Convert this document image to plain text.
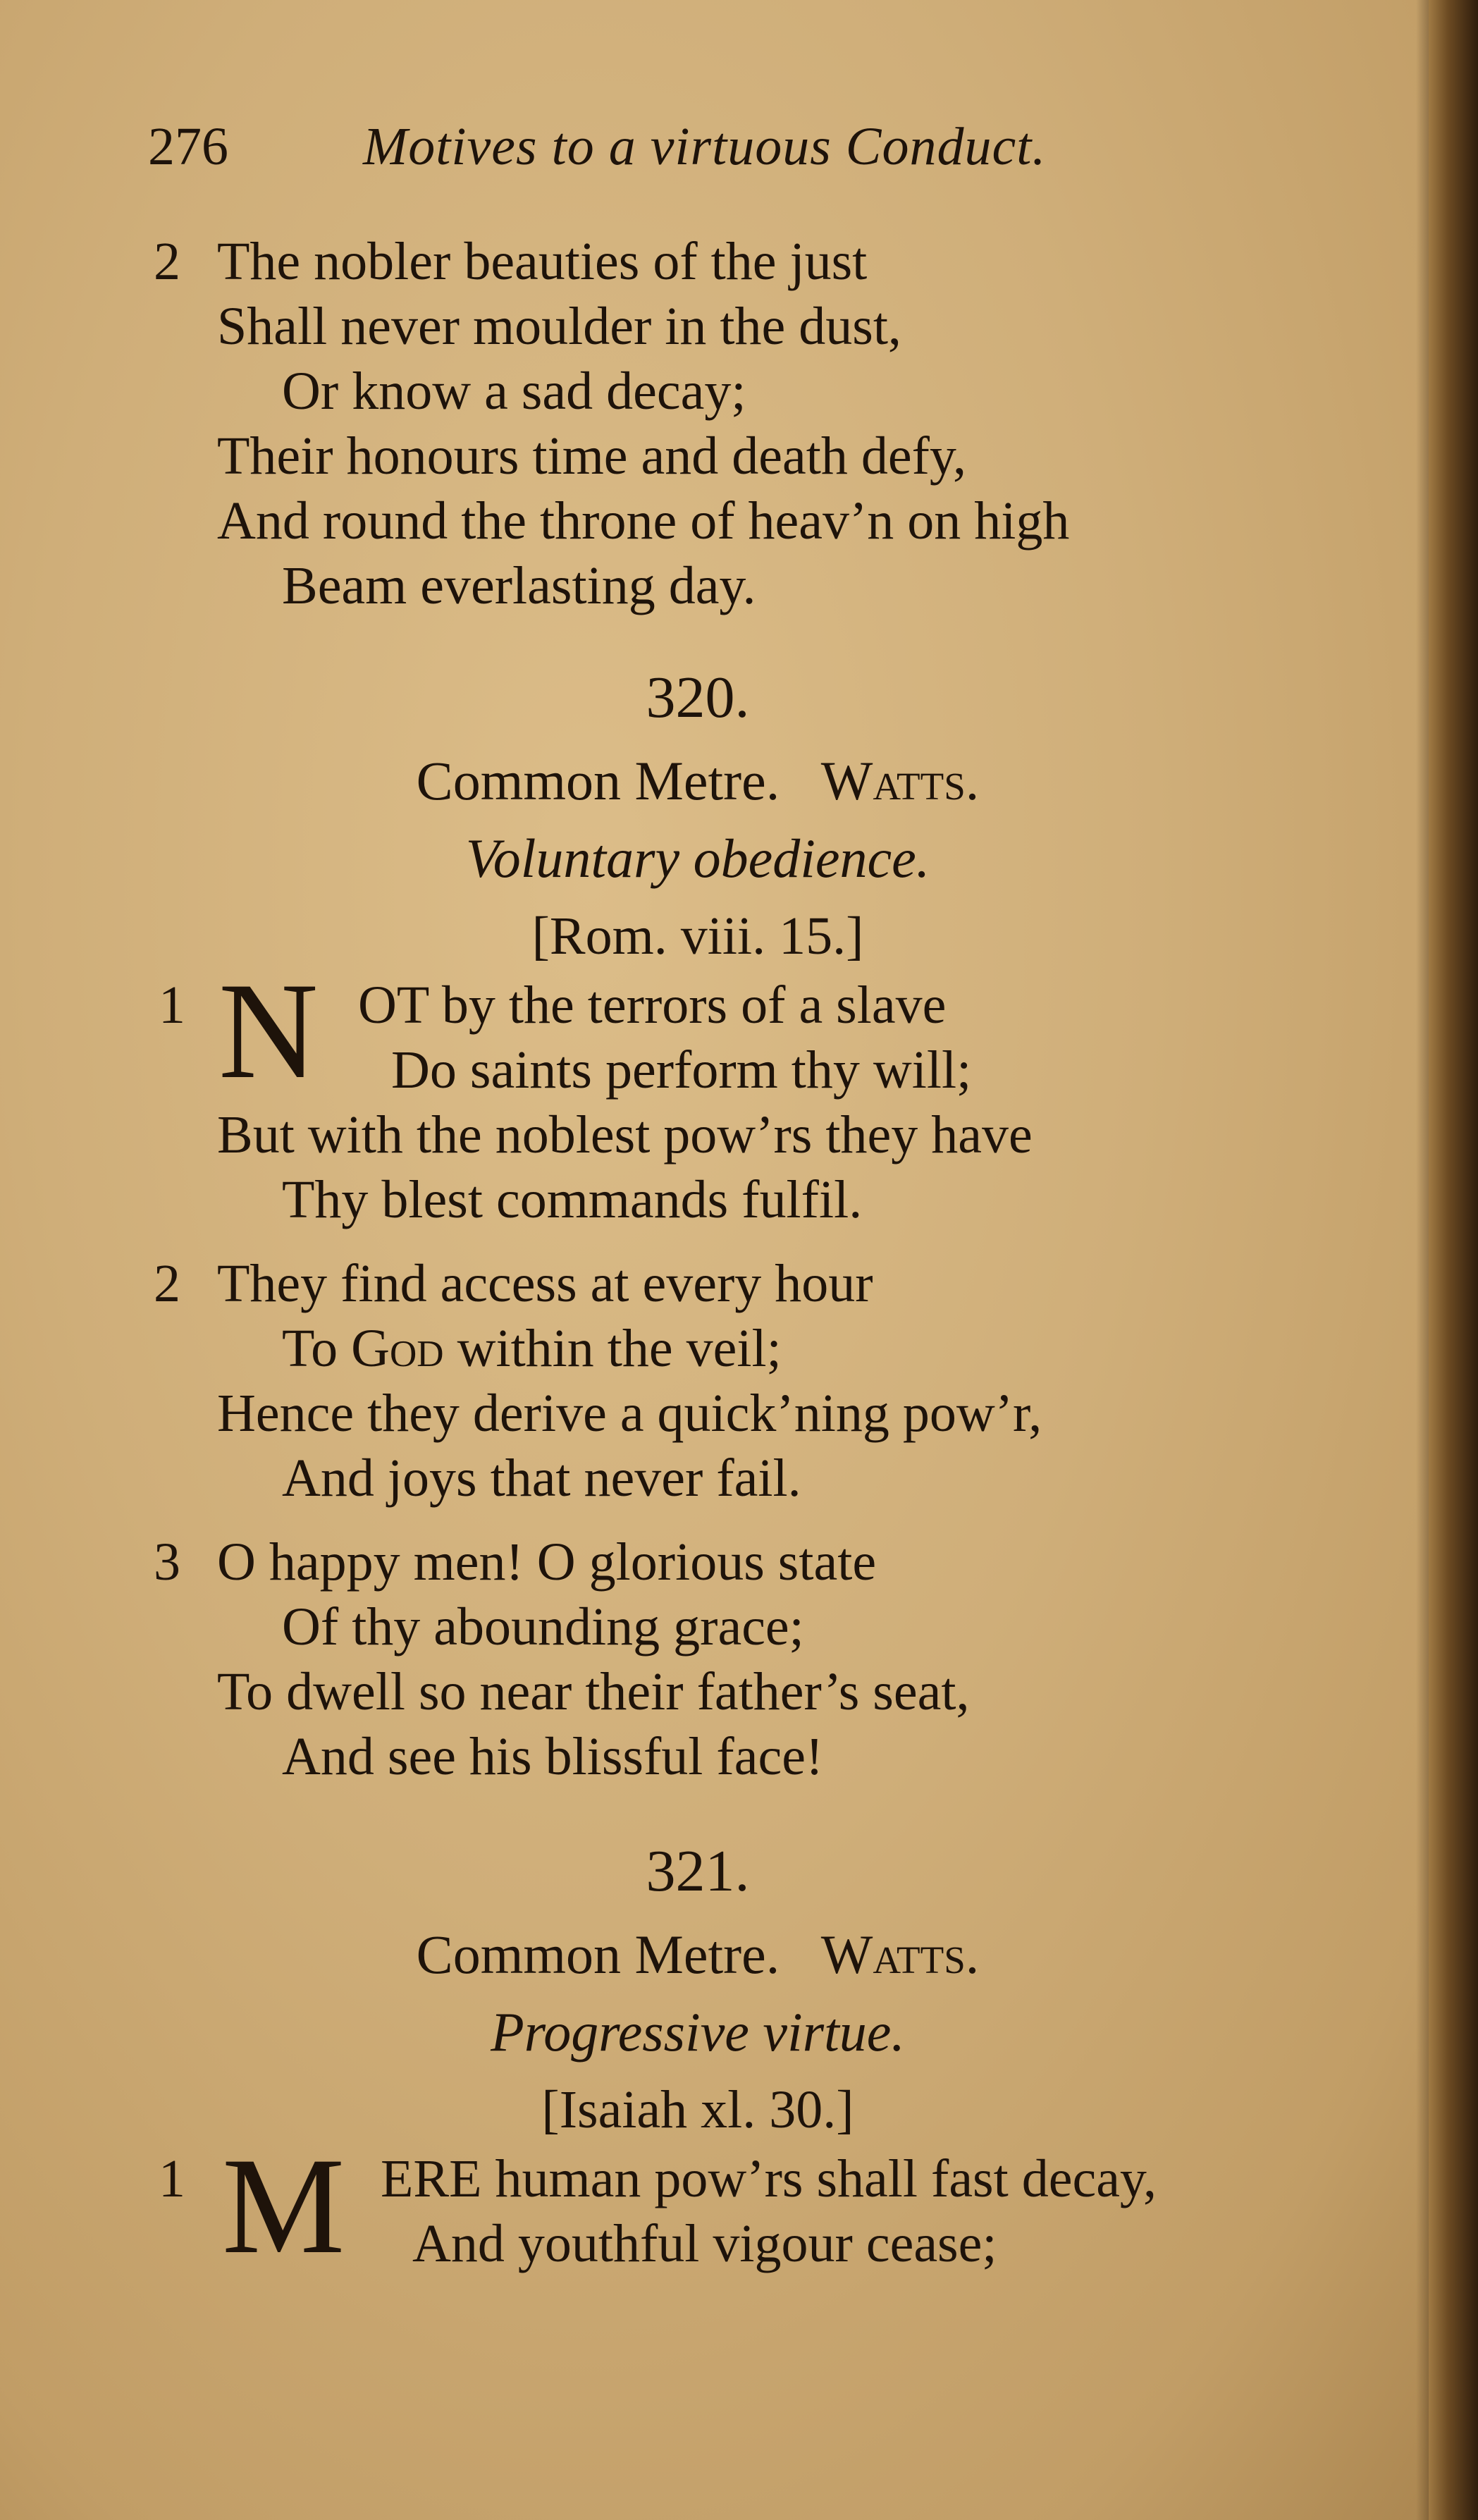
276	Motives to a virtuous Conduct.
2 The nobler beauties of the just
Shall never moulder in the dust,
Or know a sad decay;
Their honours time and death defy,
And round the throne of heav’n on high
Beam everlasting day.
320.
Common Metre. Watts.
Voluntary obedience.
[Rom. viii. 15.]
1 N OT by the terrors of a slave
Do saints perform thy will;
But with the noblest pow’rs they have
Thy blest commands fulfil.
2 They find access at every hour
To God within the veil;
Hence they derive a quick’ning pow’r,
And joys that never fail.
3 O happy men! O glorious state
Of thy abounding grace;
To dwell so near their father’s seat,
And see his blissful face!
321.
Common Metre. Watts.
Progressive virtue.
[Isaiah xl. 30.]
1 M ERE human pow’rs shall fast decay,
And youthful vigour cease;
